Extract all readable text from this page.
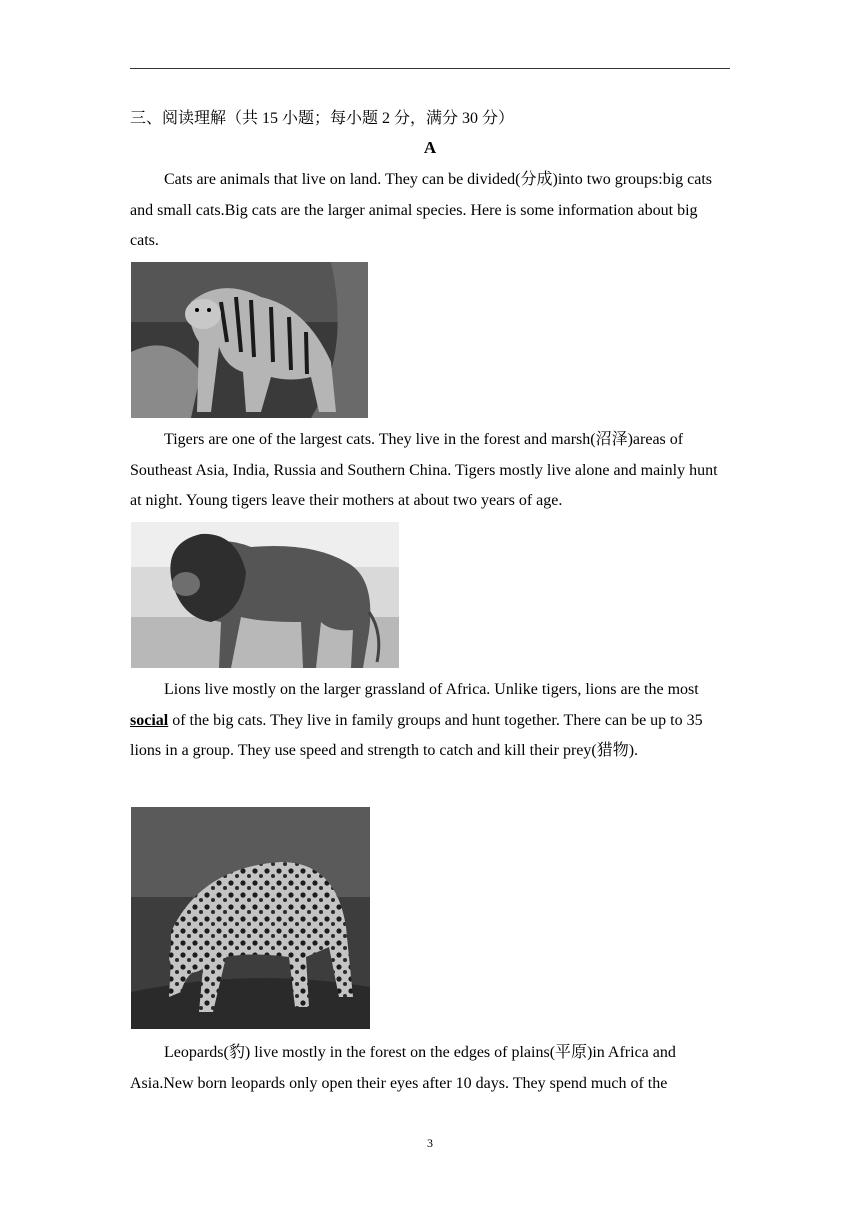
三、阅读理解（共 15 小题；每小题 2 分，满分 30 分）
A

Cats are animals that live on land. They can be divided(分成)into two groups:big cats and small cats.Big cats are the larger animal species. Here is some information about big cats.

Tigers are one of the largest cats. They live in the forest and marsh(沼泽)areas of Southeast Asia, India, Russia and Southern China. Tigers mostly live alone and mainly hunt at night. Young tigers leave their mothers at about two years of age.

Lions live mostly on the larger grassland of Africa. Unlike tigers, lions are the most social of the big cats. They live in family groups and hunt together. There can be up to 35 lions in a group. They use speed and strength to catch and kill their prey(猎物).

Leopards(豹) live mostly in the forest on the edges of plains(平原)in Africa and Asia.New born leopards only open their eyes after 10 days. They spend much of the

3
